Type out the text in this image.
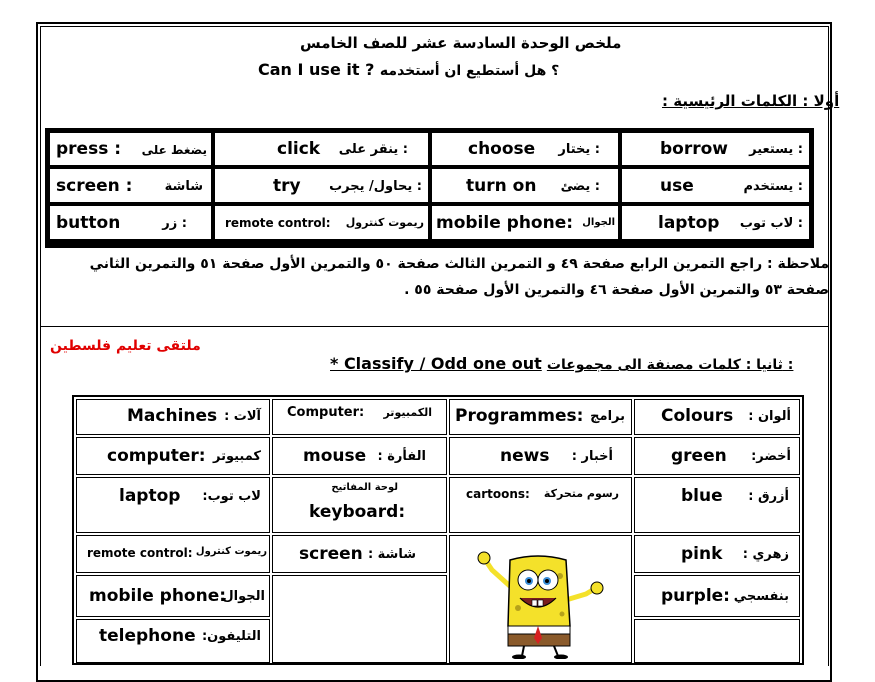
ملخص الوحدة السادسة عشر للصف الخامس
Can I use it ? ؟ هل أستطيع ان أستخدمه
أولا : الكلمات الرئيسية :
borrow : يستعير
choose : يختار
click : ينقر على
press : يضغط على
use	: يستخدم
turn on : يضئ
try : يحاول/ يجرب
screen : شاشة
laptop : لاب توب
mobile phone: الجوال
remote control: ريموت كنترول
button	: زر
ملاحظة : راجع التمرين الرابع صفحة ٤٩ و التمرين الثالث صفحة ٥٠ والتمرين الأول صفحة ٥١ والتمرين الثاني
صفحة ٥٣ والتمرين الأول صفحة ٤٦ والتمرين الأول صفحة ٥٥ .
ملتقى تعليم فلسطين
* Classify / Odd one out ثانيا : كلمات مصنفة الى مجموعات :
Colours ألوان :
Programmes: برامج
Computer: الكمبيوتر
Machines آلات :
green أخضر:
blue أزرق :
pink زهري :
purple: بنفسجي
news أخبار :
cartoons: رسوم متحركة
mouse الفأرة :
keyboard:
لوحة المفاتيح
screen شاشة :
computer: كمبيوتر
laptop لاب توب:
remote control: ريموت كنترول
mobile phone:
الجوال
telephone التليفون:
